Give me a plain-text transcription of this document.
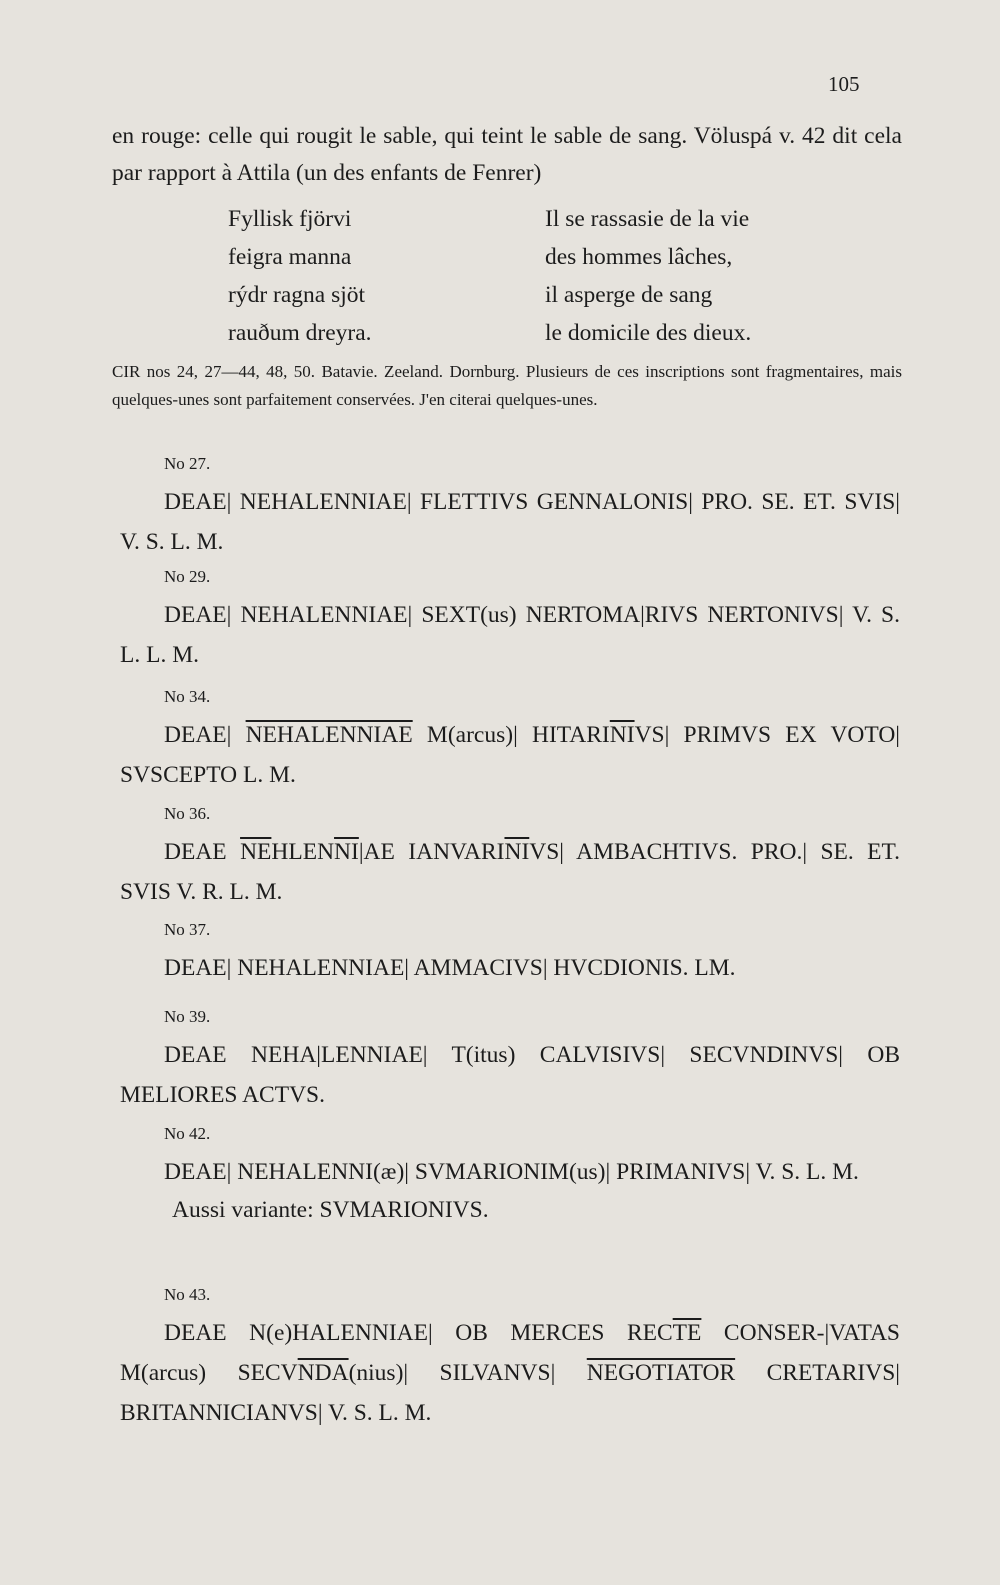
105
en rouge: celle qui rougit le sable, qui teint le sable de sang. Völuspá v. 42 dit cela par rapport à Attila (un des enfants de Fenrer)
Fyllisk fjörvi
feigra manna
rýdr ragna sjöt
rauðum dreyra.
Il se rassasie de la vie
des hommes lâches,
il asperge de sang
le domicile des dieux.
CIR nos 24, 27—44, 48, 50. Batavie. Zeeland. Dornburg. Plusieurs de ces inscriptions sont fragmentaires, mais quelques-unes sont parfaitement conservées. J'en citerai quelques-unes.
No 27.
DEAE| NEHALENNIAE| FLETTIVS GENNALONIS| PRO. SE. ET. SVIS| V. S. L. M.
No 29.
DEAE| NEHALENNIAE| SEXT(us) NERTOMA|RIVS NERTONIVS| V. S. L. L. M.
No 34.
DEAE| NEHALENNIAE M(arcus)| $HITARI\overline{NI}VS|$ PRIMVS EX VOTO| SVSCEPTO L. M.
No 36.
DEAE $\overline{NE}HLEN\overline{NI}|AE$ $IANVARI\overline{NI}VS|$ AMBACHTIVS. PRO.| SE. ET. SVIS V. R. L. M.
No 37.
DEAE| NEHALENNIAE| AMMACIVS| HVCDIONIS. LM.
No 39.
DEAE NEHA|LENNIAE| T(itus) CALVISIVS| SECVNDINVS| OB MELIORES ACTVS.
No 42.
DEAE| NEHALENNI(æ)| SVMARIONIM(us)| PRIMANIVS| V. S. L. M.
Aussi variante: SVMARIONIVS.
No 43.
DEAE N(e)HALENNIAE| OB MERCES $REC\overline{TE}$ CONSER-|VATAS M(arcus) $SECV\overline{NDA}(nius)|$ SILVANVS| NEGOTIATOR CRETARIVS| BRITANNICIANVS| V. S. L. M.
